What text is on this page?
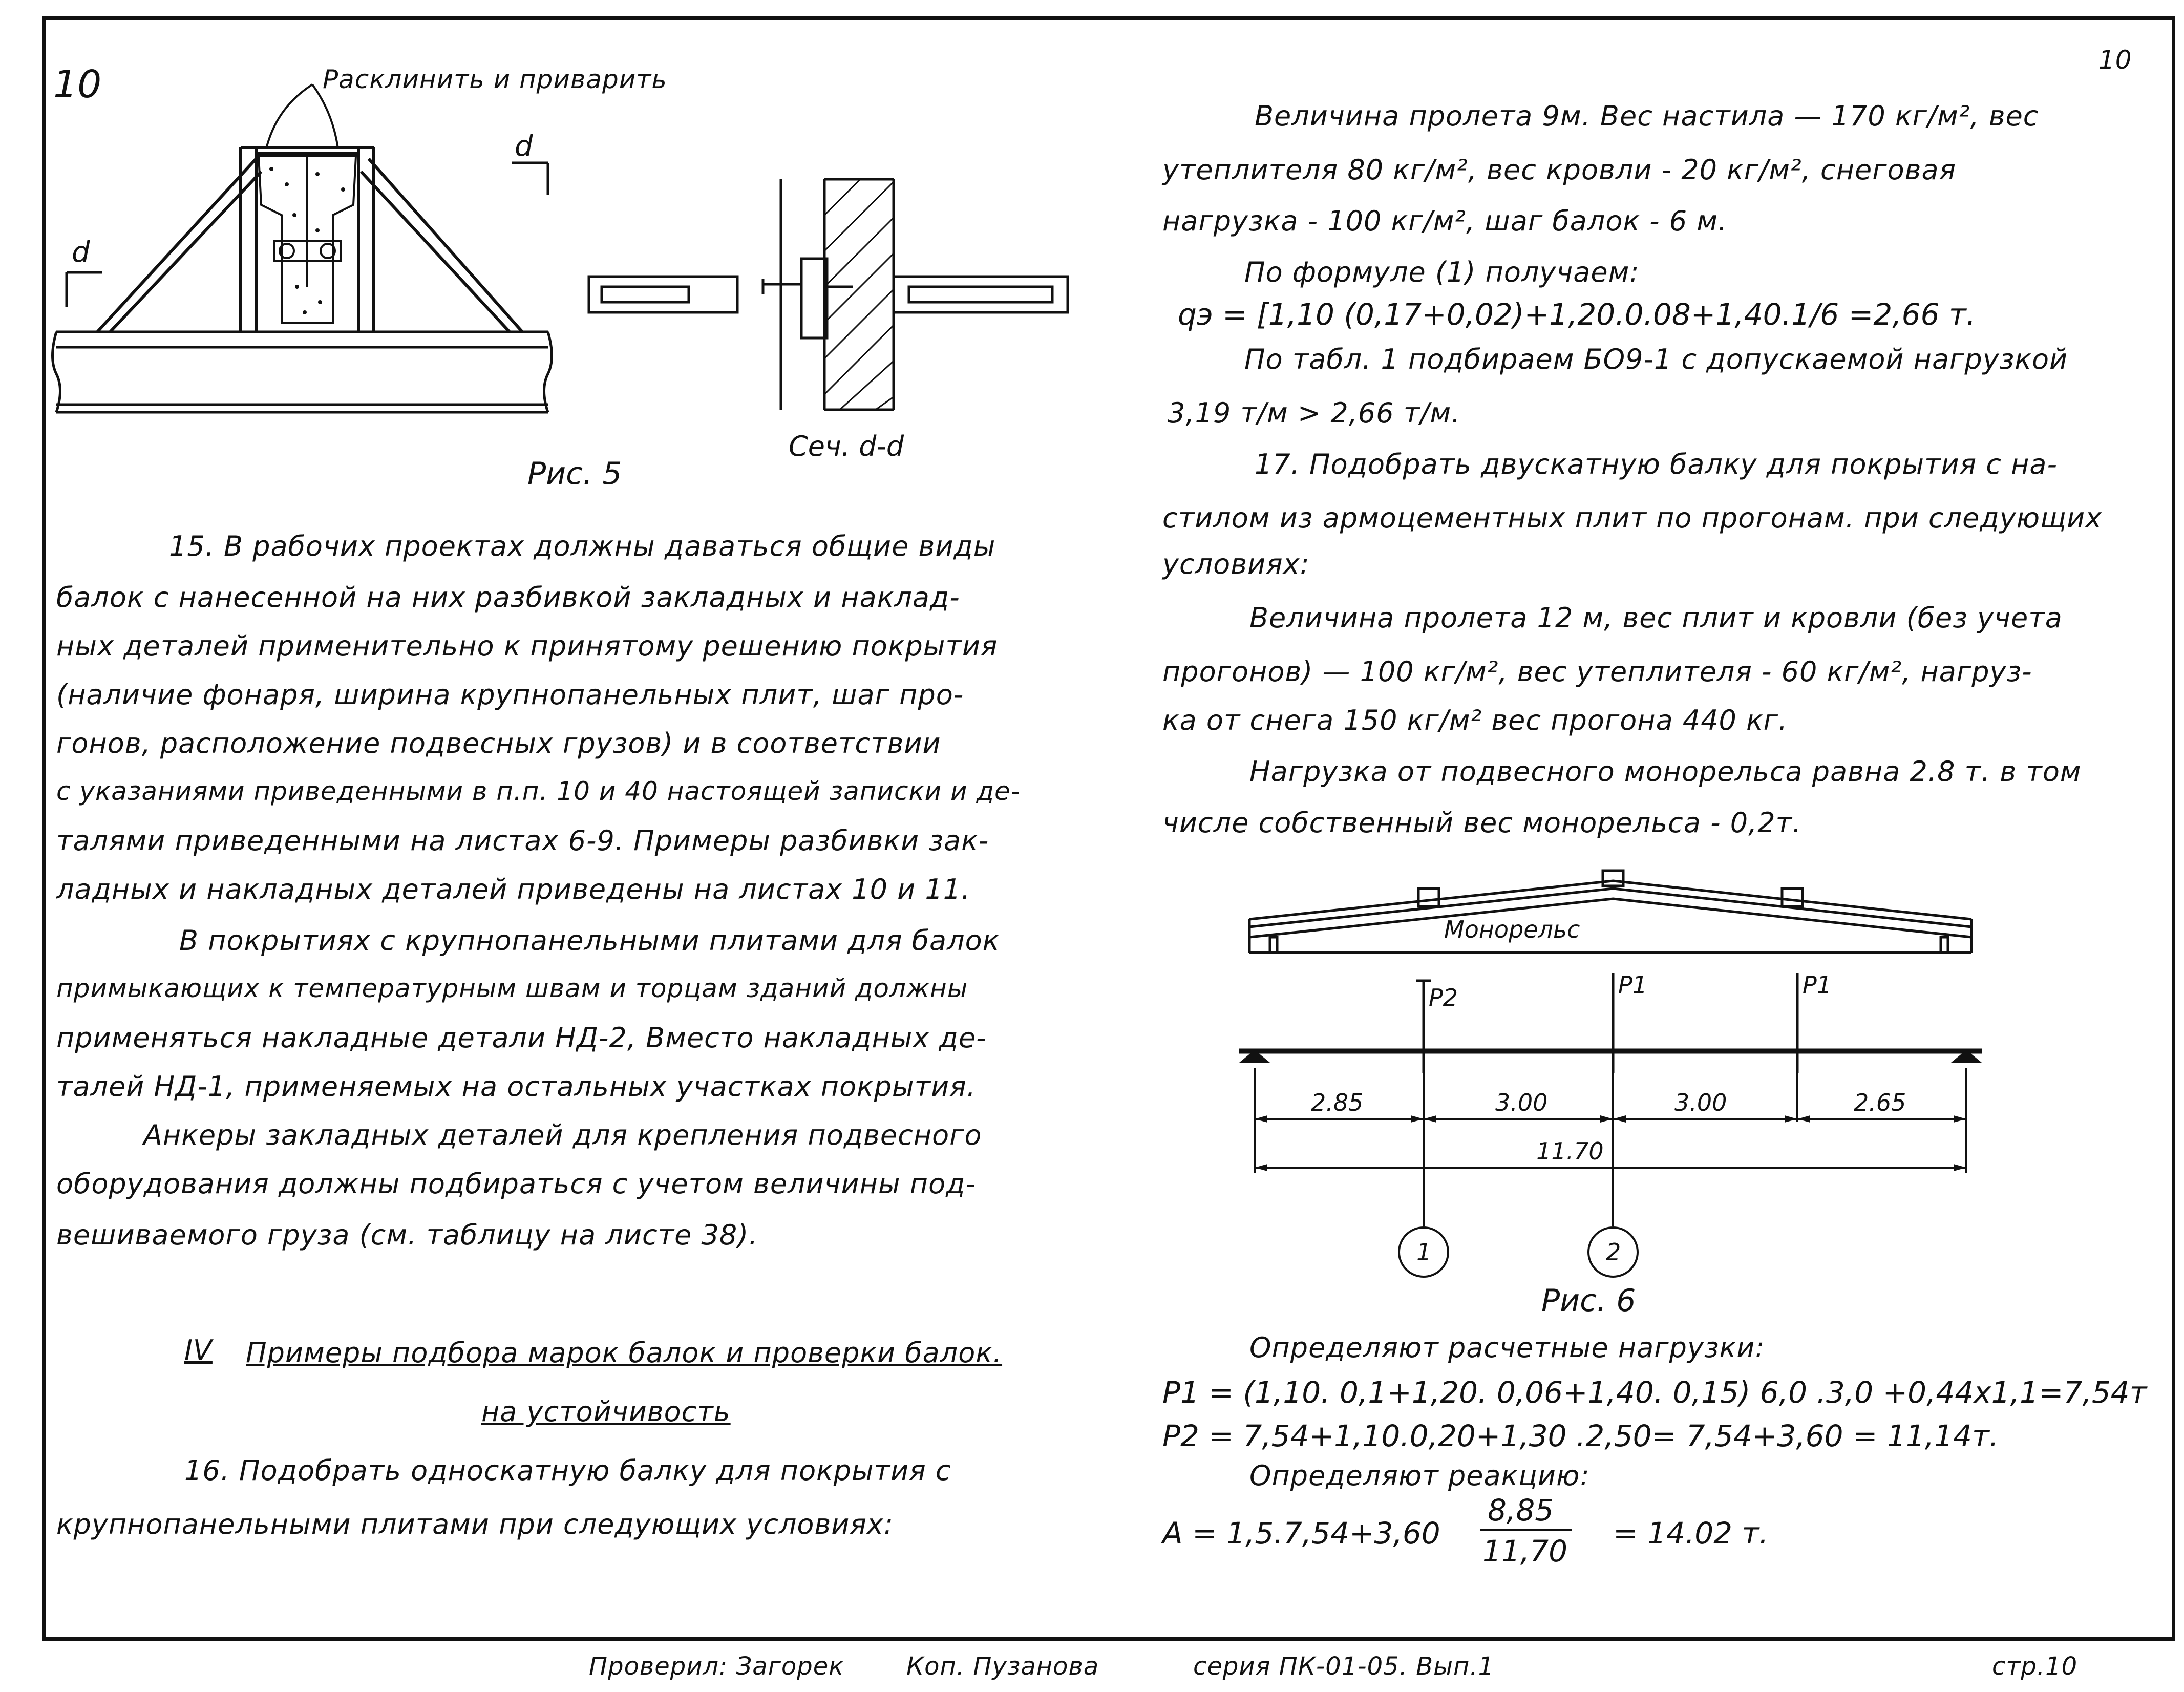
10
10
Расклинить и приварить
d
d
Рис. 5
Сеч. d-d
15. В рабочих проектах должны даваться общие виды
балок с нанесенной на них разбивкой закладных и наклад-
ных деталей применительно к принятому решению покрытия
(наличие фонаря, ширина крупнопанельных плит, шаг про-
гонов, расположение подвесных грузов) и в соответствии
с указаниями приведенными в п.п. 10 и 40 настоящей записки и де-
талями приведенными на листах 6-9. Примеры разбивки зак-
ладных и накладных деталей приведены на листах 10 и 11.
В покрытиях с крупнопанельными плитами для балок
примыкающих к температурным швам и торцам зданий должны
применяться накладные детали НД-2, Вместо накладных де-
талей НД-1, применяемых на остальных участках покрытия.
Анкеры закладных деталей для крепления подвесного
оборудования должны подбираться с учетом величины под-
вешиваемого груза (см. таблицу на листе 38).
IV Примеры подбора марок балок и проверки балок.
на устойчивость
16. Подобрать односкатную балку для покрытия с
крупнопанельными плитами при следующих условиях:
Величина пролета 9м. Вес настила — 170 кг/м², вес
утеплителя 80 кг/м², вес кровли - 20 кг/м², снеговая
нагрузка - 100 кг/м², шаг балок - 6 м.
По формуле (1) получаем:
qэ = [1,10 (0,17+0,02)+1,20.0.08+1,40.1/6 =2,66 т.
По табл. 1 подбираем БО9-1 с допускаемой нагрузкой
3,19 т/м > 2,66 т/м.
17. Подобрать двускатную балку для покрытия с на-
стилом из армоцементных плит по прогонам. при следующих
условиях:
Величина пролета 12 м, вес плит и кровли (без учета
прогонов) — 100 кг/м², вес утеплителя - 60 кг/м², нагруз-
ка от снега 150 кг/м² вес прогона 440 кг.
Нагрузка от подвесного монорельса равна 2.8 т. в том
числе собственный вес монорельса - 0,2т.
Монорельс
P2	P1	P1
2.85	3.00	3.00	2.65
11.70
1	2
Рис. 6
Определяют расчетные нагрузки:
P1 = (1,10. 0,1+1,20. 0,06+1,40. 0,15) 6,0 .3,0 +0,44x1,1=7,54т
P2 = 7,54+1,10.0,20+1,30 .2,50= 7,54+3,60 = 11,14т.
Определяют реакцию:
A = 1,5.7,54+3,60
8,85
11,70
= 14.02 т.
Проверил: Загорек	Коп. Пузанова	серия ПК-01-05. Вып.1	стр.10
